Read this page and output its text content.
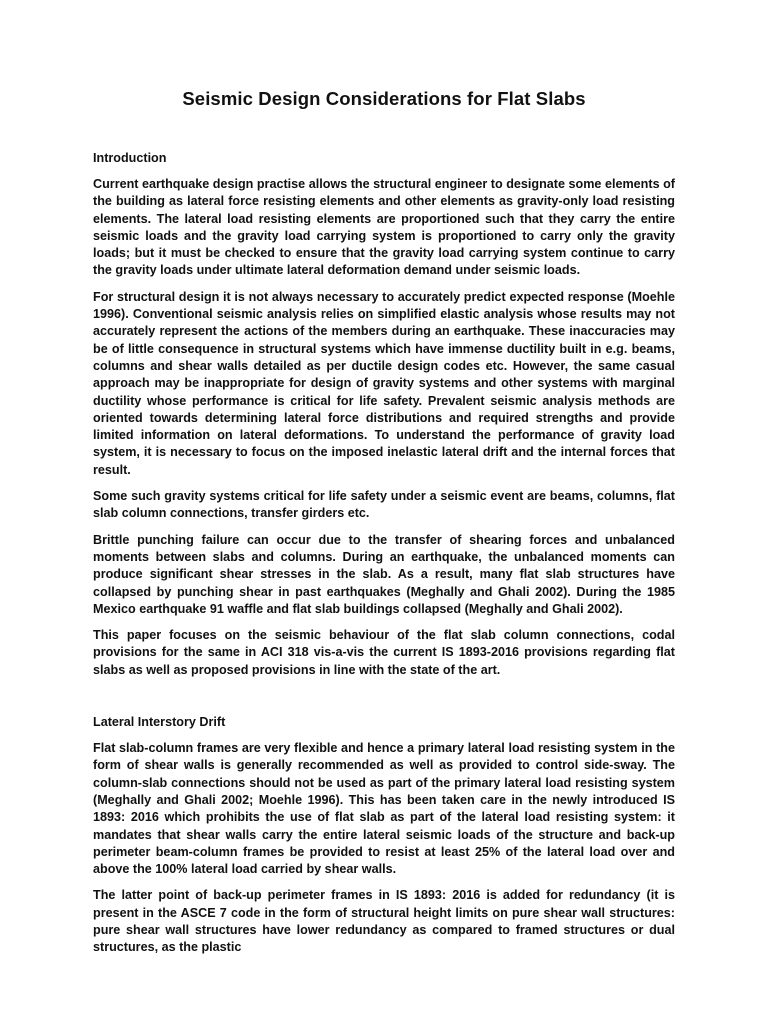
Seismic Design Considerations for Flat Slabs
Introduction

Current earthquake design practise allows the structural engineer to designate some elements of the building as lateral force resisting elements and other elements as gravity-only load resisting elements. The lateral load resisting elements are proportioned such that they carry the entire seismic loads and the gravity load carrying system is proportioned to carry only the gravity loads; but it must be checked to ensure that the gravity load carrying system continue to carry the gravity loads under ultimate lateral deformation demand under seismic loads.

For structural design it is not always necessary to accurately predict expected response (Moehle 1996). Conventional seismic analysis relies on simplified elastic analysis whose results may not accurately represent the actions of the members during an earthquake. These inaccuracies may be of little consequence in structural systems which have immense ductility built in e.g. beams, columns and shear walls detailed as per ductile design codes etc. However, the same casual approach may be inappropriate for design of gravity systems and other systems with marginal ductility whose performance is critical for life safety. Prevalent seismic analysis methods are oriented towards determining lateral force distributions and required strengths and provide limited information on lateral deformations. To understand the performance of gravity load system, it is necessary to focus on the imposed inelastic lateral drift and the internal forces that result.

Some such gravity systems critical for life safety under a seismic event are beams, columns, flat slab column connections, transfer girders etc.

Brittle punching failure can occur due to the transfer of shearing forces and unbalanced moments between slabs and columns. During an earthquake, the unbalanced moments can produce significant shear stresses in the slab. As a result, many flat slab structures have collapsed by punching shear in past earthquakes (Meghally and Ghali 2002). During the 1985 Mexico earthquake 91 waffle and flat slab buildings collapsed (Meghally and Ghali 2002).

This paper focuses on the seismic behaviour of the flat slab column connections, codal provisions for the same in ACI 318 vis-a-vis the current IS 1893-2016 provisions regarding flat slabs as well as proposed provisions in line with the state of the art.

Lateral Interstory Drift

Flat slab-column frames are very flexible and hence a primary lateral load resisting system in the form of shear walls is generally recommended as well as provided to control side-sway. The column-slab connections should not be used as part of the primary lateral load resisting system (Meghally and Ghali 2002; Moehle 1996). This has been taken care in the newly introduced IS 1893: 2016 which prohibits the use of flat slab as part of the lateral load resisting system: it mandates that shear walls carry the entire lateral seismic loads of the structure and back-up perimeter beam-column frames be provided to resist at least 25% of the lateral load over and above the 100% lateral load carried by shear walls.

The latter point of back-up perimeter frames in IS 1893: 2016 is added for redundancy (it is present in the ASCE 7 code in the form of structural height limits on pure shear wall structures: pure shear wall structures have lower redundancy as compared to framed structures or dual structures, as the plastic
